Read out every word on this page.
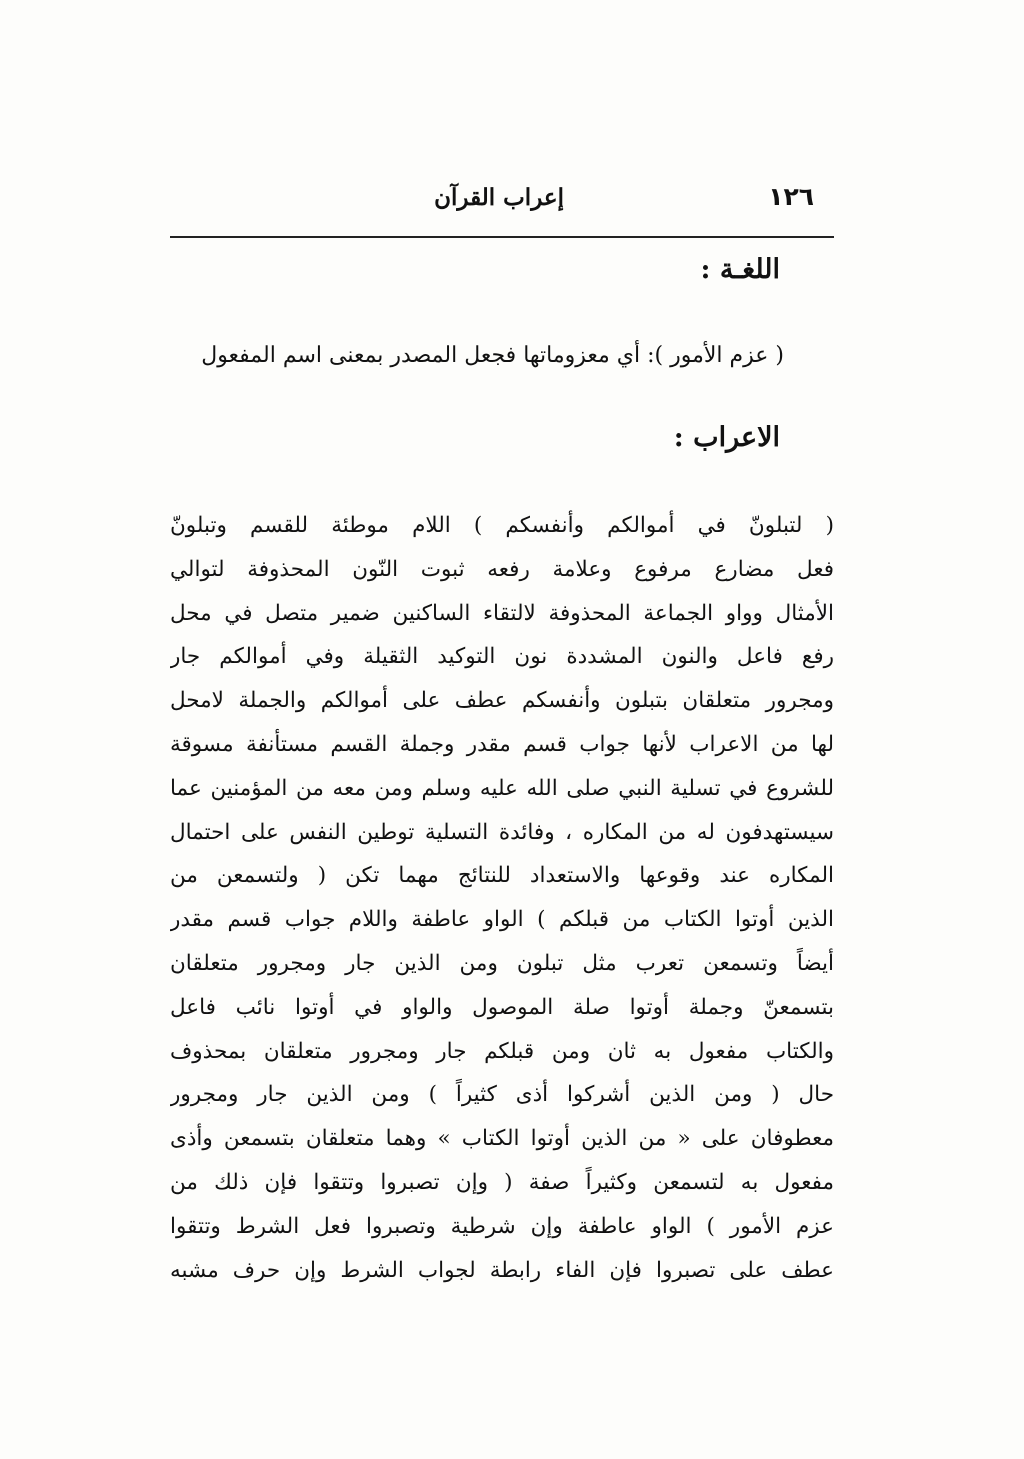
١٢٦
إعراب القرآن
اللغـة :

( عزم الأمور ): أي معزوماتها فجعل المصدر بمعنى اسم المفعول

الاعراب :
( لتبلونّ في أموالكم وأنفسكم ) اللام موطئة للقسم وتبلونّ
فعل مضارع مرفوع وعلامة رفعه ثبوت النّون المحذوفة لتوالي
الأمثال وواو الجماعة المحذوفة لالتقاء الساكنين ضمير متصل في محل
رفع فاعل والنون المشددة نون التوكيد الثقيلة وفي أموالكم جار
ومجرور متعلقان بتبلون وأنفسكم عطف على أموالكم والجملة لامحل
لها من الاعراب لأنها جواب قسم مقدر وجملة القسم مستأنفة مسوقة
للشروع في تسلية النبي صلى الله عليه وسلم ومن معه من المؤمنين عما
سيستهدفون له من المكاره ، وفائدة التسلية توطين النفس على احتمال
المكاره عند وقوعها والاستعداد للنتائج مهما تكن ( ولتسمعن من
الذين أوتوا الكتاب من قبلكم ) الواو عاطفة واللام جواب قسم مقدر
أيضاً وتسمعن تعرب مثل تبلون ومن الذين جار ومجرور متعلقان
بتسمعنّ وجملة أوتوا صلة الموصول والواو في أوتوا نائب فاعل
والكتاب مفعول به ثان ومن قبلكم جار ومجرور متعلقان بمحذوف
حال ( ومن الذين أشركوا أذى كثيراً ) ومن الذين جار ومجرور
معطوفان على « من الذين أوتوا الكتاب » وهما متعلقان بتسمعن وأذى
مفعول به لتسمعن وكثيراً صفة ( وإن تصبروا وتتقوا فإن ذلك من
عزم الأمور ) الواو عاطفة وإن شرطية وتصبروا فعل الشرط وتتقوا
عطف على تصبروا فإن الفاء رابطة لجواب الشرط وإن حرف مشبه
